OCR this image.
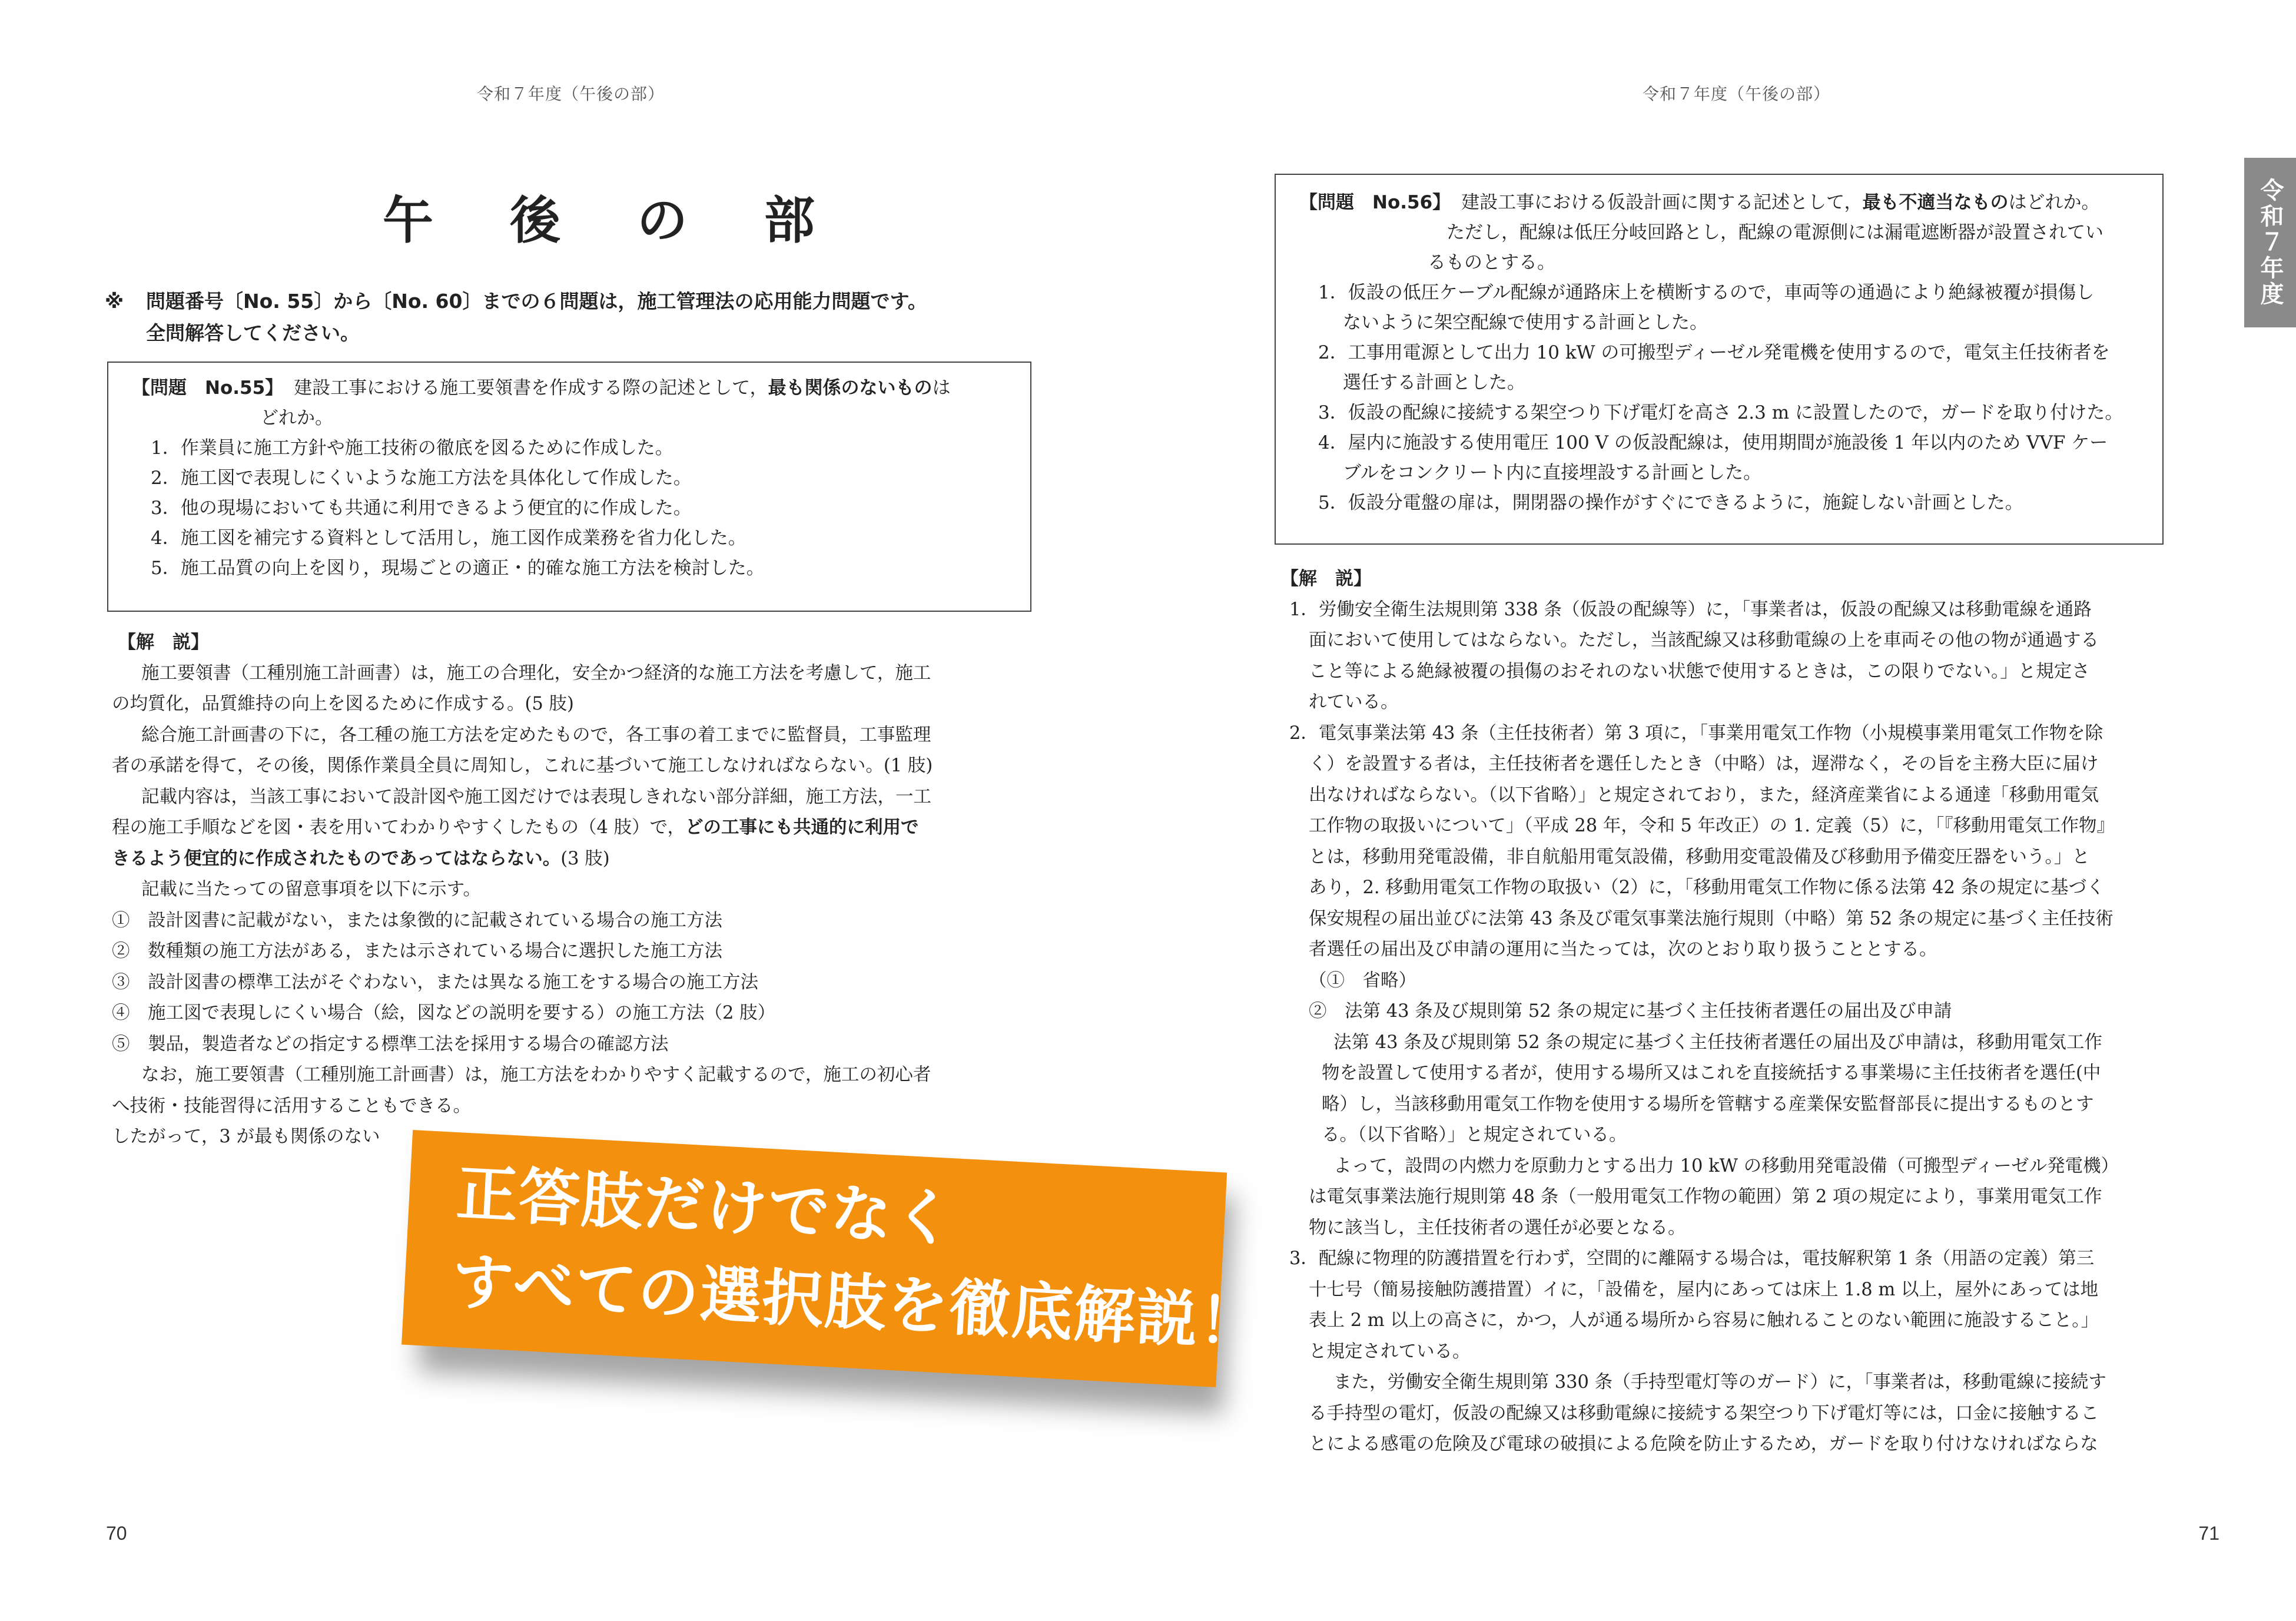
令和７年度（午後の部）
午 後 の 部
※ 問題番号〔No. 55〕から〔No. 60〕までの６問題は，施工管理法の応用能力問題です。
全問解答してください。
【問題　No.55】 建設工事における施工要領書を作成する際の記述として，最も関係のないものは
どれか。
1．作業員に施工方針や施工技術の徹底を図るために作成した。
2．施工図で表現しにくいような施工方法を具体化して作成した。
3．他の現場においても共通に利用できるよう便宜的に作成した。
4．施工図を補完する資料として活用し，施工図作成業務を省力化した。
5．施工品質の向上を図り，現場ごとの適正・的確な施工方法を検討した。
【解　説】
施工要領書（工種別施工計画書）は，施工の合理化，安全かつ経済的な施工方法を考慮して，施工
の均質化，品質維持の向上を図るために作成する。(5 肢)
総合施工計画書の下に，各工種の施工方法を定めたもので，各工事の着工までに監督員，工事監理
者の承諾を得て，その後，関係作業員全員に周知し，これに基づいて施工しなければならない。(1 肢)
記載内容は，当該工事において設計図や施工図だけでは表現しきれない部分詳細，施工方法，一工
程の施工手順などを図・表を用いてわかりやすくしたもの（4 肢）で，どの工事にも共通的に利用で
きるよう便宜的に作成されたものであってはならない。(3 肢)
記載に当たっての留意事項を以下に示す。
①　設計図書に記載がない，または象徴的に記載されている場合の施工方法
②　数種類の施工方法がある，または示されている場合に選択した施工方法
③　設計図書の標準工法がそぐわない，または異なる施工をする場合の施工方法
④　施工図で表現しにくい場合（絵，図などの説明を要する）の施工方法（2 肢）
⑤　製品，製造者などの指定する標準工法を採用する場合の確認方法
なお，施工要領書（工種別施工計画書）は，施工方法をわかりやすく記載するので，施工の初心者
へ技術・技能習得に活用することもできる。
したがって，3 が最も関係のない
70
令和７年度（午後の部）
令和７年度
【問題　No.56】 建設工事における仮設計画に関する記述として，最も不適当なものはどれか。
ただし，配線は低圧分岐回路とし，配線の電源側には漏電遮断器が設置されてい
るものとする。
1．仮設の低圧ケーブル配線が通路床上を横断するので，車両等の通過により絶縁被覆が損傷し
ないように架空配線で使用する計画とした。
2．工事用電源として出力 10 kW の可搬型ディーゼル発電機を使用するので，電気主任技術者を
選任する計画とした。
3．仮設の配線に接続する架空つり下げ電灯を高さ 2.3 m に設置したので，ガードを取り付けた。
4．屋内に施設する使用電圧 100 V の仮設配線は，使用期間が施設後 1 年以内のため VVF ケー
ブルをコンクリート内に直接埋設する計画とした。
5．仮設分電盤の扉は，開閉器の操作がすぐにできるように，施錠しない計画とした。
【解　説】
1．労働安全衛生法規則第 338 条（仮設の配線等）に，「事業者は，仮設の配線又は移動電線を通路
面において使用してはならない。ただし，当該配線又は移動電線の上を車両その他の物が通過する
こと等による絶縁被覆の損傷のおそれのない状態で使用するときは，この限りでない。」と規定さ
れている。
2．電気事業法第 43 条（主任技術者）第 3 項に，「事業用電気工作物（小規模事業用電気工作物を除
く）を設置する者は，主任技術者を選任したとき（中略）は，遅滞なく，その旨を主務大臣に届け
出なければならない。（以下省略）」と規定されており，また，経済産業省による通達「移動用電気
工作物の取扱いについて」（平成 28 年，令和 5 年改正）の 1. 定義（5）に，「『移動用電気工作物』
とは，移動用発電設備，非自航船用電気設備，移動用変電設備及び移動用予備変圧器をいう。」と
あり，2. 移動用電気工作物の取扱い（2）に，「移動用電気工作物に係る法第 42 条の規定に基づく
保安規程の届出並びに法第 43 条及び電気事業法施行規則（中略）第 52 条の規定に基づく主任技術
者選任の届出及び申請の運用に当たっては，次のとおり取り扱うこととする。
（①　省略）
②　法第 43 条及び規則第 52 条の規定に基づく主任技術者選任の届出及び申請
法第 43 条及び規則第 52 条の規定に基づく主任技術者選任の届出及び申請は，移動用電気工作
物を設置して使用する者が，使用する場所又はこれを直接統括する事業場に主任技術者を選任(中
略）し，当該移動用電気工作物を使用する場所を管轄する産業保安監督部長に提出するものとす
る。（以下省略）」と規定されている。
よって，設問の内燃力を原動力とする出力 10 kW の移動用発電設備（可搬型ディーゼル発電機）
は電気事業法施行規則第 48 条（一般用電気工作物の範囲）第 2 項の規定により，事業用電気工作
物に該当し，主任技術者の選任が必要となる。
3．配線に物理的防護措置を行わず，空間的に離隔する場合は，電技解釈第 1 条（用語の定義）第三
十七号（簡易接触防護措置）イに，「設備を，屋内にあっては床上 1.8 m 以上，屋外にあっては地
表上 2 m 以上の高さに，かつ，人が通る場所から容易に触れることのない範囲に施設すること。」
と規定されている。
また，労働安全衛生規則第 330 条（手持型電灯等のガード）に，「事業者は，移動電線に接続す
る手持型の電灯，仮設の配線又は移動電線に接続する架空つり下げ電灯等には，口金に接触するこ
とによる感電の危険及び電球の破損による危険を防止するため，ガードを取り付けなければならな
71
正答肢だけでなく
すべての選択肢を徹底解説！
